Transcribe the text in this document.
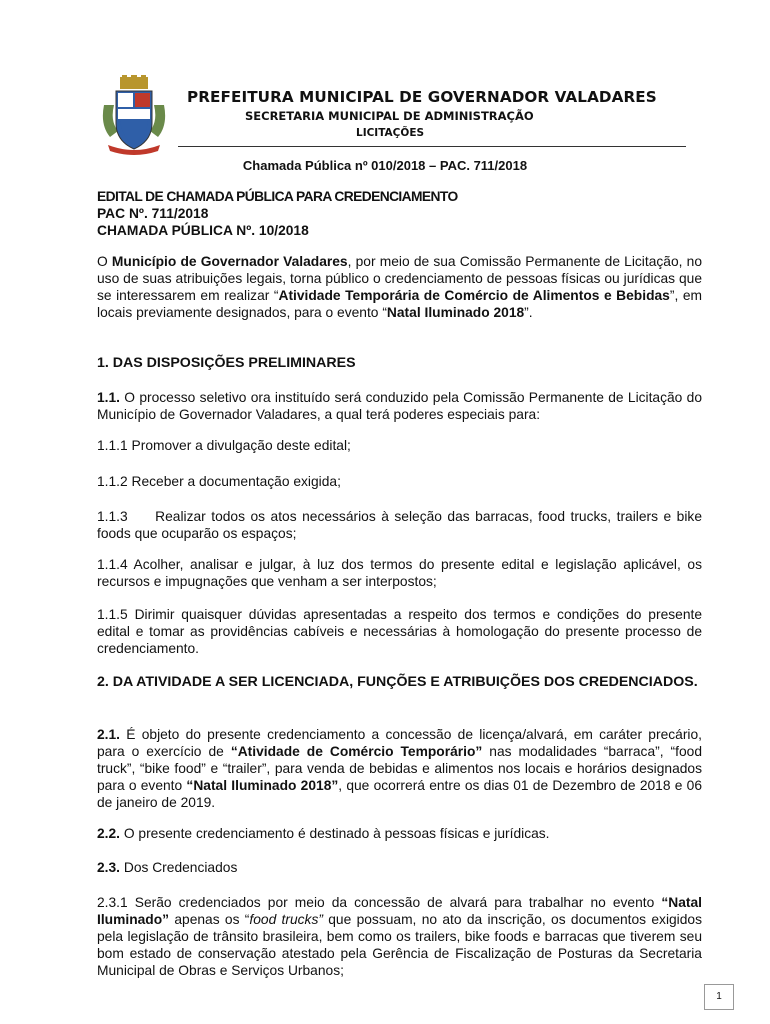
PREFEITURA MUNICIPAL DE GOVERNADOR VALADARES
SECRETARIA MUNICIPAL DE ADMINISTRAÇÃO
LICITAÇÕES
Chamada Pública nº 010/2018 – PAC. 711/2018
EDITAL DE CHAMADA PÚBLICA PARA CREDENCIAMENTO
PAC Nº. 711/2018
CHAMADA PÚBLICA Nº. 10/2018

O Município de Governador Valadares, por meio de sua Comissão Permanente de Licitação, no uso de suas atribuições legais, torna público o credenciamento de pessoas físicas ou jurídicas que se interessarem em realizar “Atividade Temporária de Comércio de Alimentos e Bebidas”, em locais previamente designados, para o evento “Natal Iluminado 2018”.

1. DAS DISPOSIÇÕES PRELIMINARES

1.1. O processo seletivo ora instituído será conduzido pela Comissão Permanente de Licitação do Município de Governador Valadares, a qual terá poderes especiais para:

1.1.1 Promover a divulgação deste edital;
1.1.2 Receber a documentação exigida;

1.1.3     Realizar todos os atos necessários à seleção das barracas, food trucks, trailers e bike foods que ocuparão os espaços;

1.1.4 Acolher, analisar e julgar, à luz dos termos do presente edital e legislação aplicável, os recursos e impugnações que venham a ser interpostos;

1.1.5 Dirimir quaisquer dúvidas apresentadas a respeito dos termos e condições do presente edital e tomar as providências cabíveis e necessárias à homologação do presente processo de credenciamento.

2. DA ATIVIDADE A SER LICENCIADA, FUNÇÕES E ATRIBUIÇÕES DOS CREDENCIADOS.

2.1. É objeto do presente credenciamento a concessão de licença/alvará, em caráter precário, para o exercício de “Atividade de Comércio Temporário” nas modalidades “barraca”, “food truck”, “bike food” e “trailer”, para venda de bebidas e alimentos nos locais e horários designados para o evento “Natal Iluminado 2018”, que ocorrerá entre os dias 01 de Dezembro de 2018 e 06 de janeiro de 2019.

2.2. O presente credenciamento é destinado à pessoas físicas e jurídicas.

2.3. Dos Credenciados

2.3.1 Serão credenciados por meio da concessão de alvará para trabalhar no evento “Natal Iluminado” apenas os “food trucks” que possuam, no ato da inscrição, os documentos exigidos pela legislação de trânsito brasileira, bem como os trailers, bike foods e barracas que tiverem seu bom estado de conservação atestado pela Gerência de Fiscalização de Posturas da Secretaria Municipal de Obras e Serviços Urbanos;

1
